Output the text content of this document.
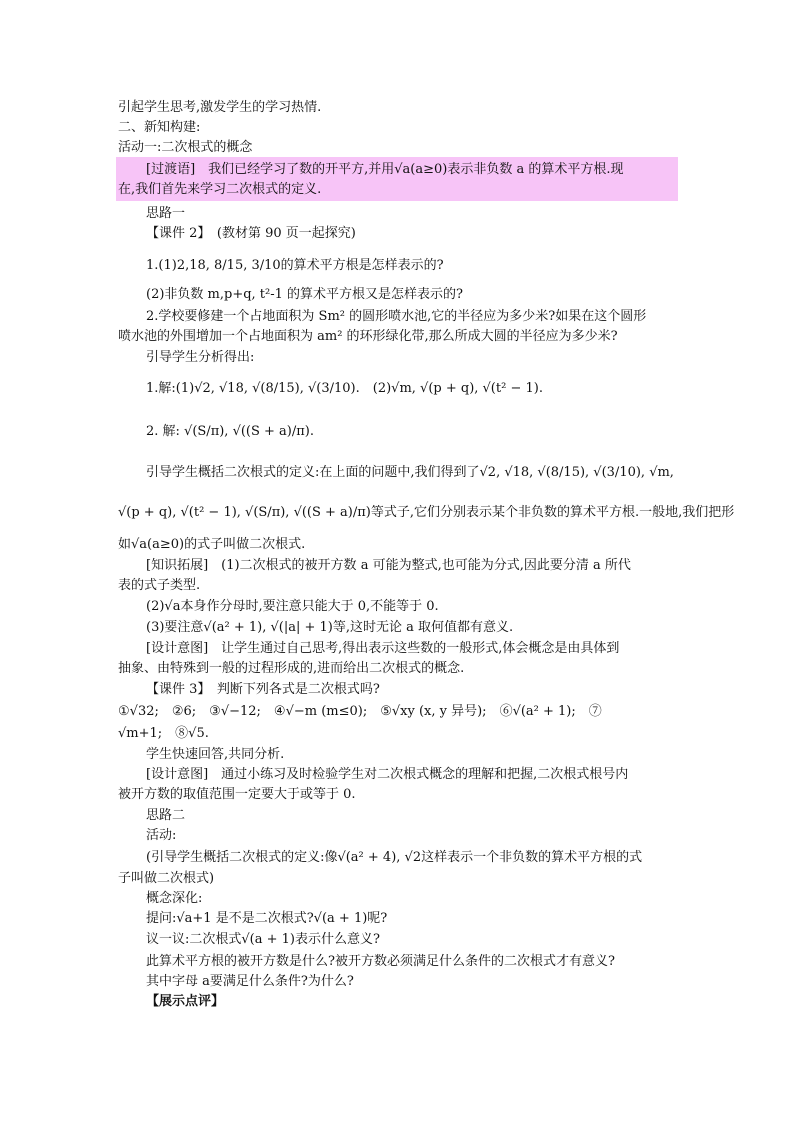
引起学生思考,激发学生的学习热情.
二、新知构建:
活动一:二次根式的概念
[过渡语]　我们已经学习了数的开平方,并用√a(a≥0)表示非负数 a 的算术平方根.现
在,我们首先来学习二次根式的定义.
思路一
【课件 2】　(教材第 90 页一起探究)
1.(1)2,18, 8/15, 3/10的算术平方根是怎样表示的?
(2)非负数 m,p+q, t²-1 的算术平方根又是怎样表示的?
2.学校要修建一个占地面积为 Sm² 的圆形喷水池,它的半径应为多少米?如果在这个圆形
喷水池的外围增加一个占地面积为 am² 的环形绿化带,那么所成大圆的半径应为多少米?
引导学生分析得出:
1.解:(1)√2, √18, √(8/15), √(3/10).　(2)√m, √(p + q), √(t² − 1).
2. 解: √(S/π), √((S + a)/π).
引导学生概括二次根式的定义:在上面的问题中,我们得到了√2, √18, √(8/15), √(3/10), √m,
√(p + q), √(t² − 1), √(S/π), √((S + a)/π)等式子,它们分别表示某个非负数的算术平方根.一般地,我们把形
如√a(a≥0)的式子叫做二次根式.
[知识拓展]　(1)二次根式的被开方数 a 可能为整式,也可能为分式,因此要分清 a 所代
表的式子类型.
(2)√a本身作分母时,要注意只能大于 0,不能等于 0.
(3)要注意√(a² + 1), √(|a| + 1)等,这时无论 a 取何值都有意义.
[设计意图]　让学生通过自己思考,得出表示这些数的一般形式,体会概念是由具体到
抽象、由特殊到一般的过程形成的,进而给出二次根式的概念.
【课件 3】　判断下列各式是二次根式吗?
①√32;　②6;　③√−12;　④√−m (m≤0);　⑤√xy (x, y 异号);　⑥√(a² + 1);　⑦
√m+1;　⑧√5.
学生快速回答,共同分析.
[设计意图]　通过小练习及时检验学生对二次根式概念的理解和把握,二次根式根号内
被开方数的取值范围一定要大于或等于 0.
思路二
活动:
(引导学生概括二次根式的定义:像√(a² + 4), √2这样表示一个非负数的算术平方根的式
子叫做二次根式)
概念深化:
提问:√a+1 是不是二次根式?√(a + 1)呢?
议一议:二次根式√(a + 1)表示什么意义?
此算术平方根的被开方数是什么?被开方数必须满足什么条件的二次根式才有意义?
其中字母 a要满足什么条件?为什么?
【展示点评】
